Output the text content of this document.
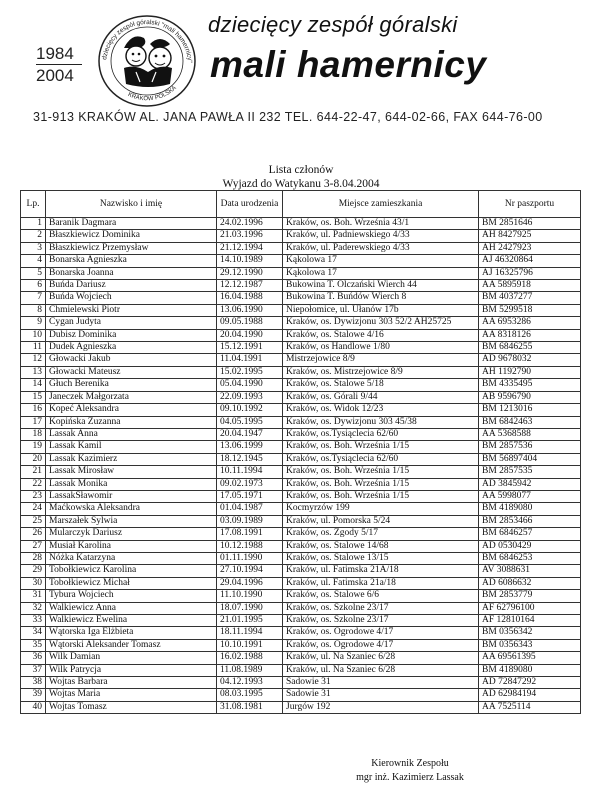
1984
2004
dziecięcy zespół góralski "mali hamernicy"
KRAKÓW POLSKA
dziecięcy zespół góralski
mali hamernicy
31-913 KRAKÓW AL. JANA PAWŁA II 232 TEL. 644-22-47, 644-02-66, FAX 644-76-00
Lista członów
Wyjazd do Watykanu 3-8.04.2004
Lp.	Nazwisko i imię	Data urodzenia	Miejsce zamieszkania	Nr paszportu
1	Baranik Dagmara	24.02.1996	Kraków, os. Boh. Września 43/1	BM 2851646
2	Błaszkiewicz Dominika	21.03.1996	Kraków, ul. Padniewskiego 4/33	AH 8427925
3	Błaszkiewicz Przemysław	21.12.1994	Kraków, ul. Paderewskiego 4/33	AH 2427923
4	Bonarska Agnieszka	14.10.1989	Kąkolowa 17	AJ 46320864
5	Bonarska Joanna	29.12.1990	Kąkolowa 17	AJ 16325796
6	Buńda Dariusz	12.12.1987	Bukowina T. Olczański Wierch 44	AA 5895918
7	Buńda Wojciech	16.04.1988	Bukowina T. Buńdów Wierch 8	BM 4037277
8	Chmielewski Piotr	13.06.1990	Niepołomice, ul. Ułanów 17b	BM 5299518
9	Cygan Judyta	09.05.1988	Kraków, os. Dywizjonu 303 52/2 AH25725	AA 6953286
10	Dubisz Dominika	20.04.1990	Kraków, os. Stalowe 4/16	AA 8318126
11	Dudek Agnieszka	15.12.1991	Kraków, os Handlowe 1/80	BM 6846255
12	Głowacki Jakub	11.04.1991	Mistrzejowice 8/9	AD 9678032
13	Głowacki Mateusz	15.02.1995	Kraków, os. Mistrzejowice 8/9	AH 1192790
14	Głuch Berenika	05.04.1990	Kraków, os. Stalowe 5/18	BM 4335495
15	Janeczek Małgorzata	22.09.1993	Kraków, os. Górali 9/44	AB 9596790
16	Kopeć Aleksandra	09.10.1992	Kraków, os. Widok 12/23	BM 1213016
17	Kopińska Zuzanna	04.05.1995	Kraków, os. Dywizjonu 303 45/38	BM 6842463
18	Lassak Anna	20.04.1947	Kraków, os.Tysiąclecia 62/60	AA 5368588
19	Lassak Kamil	13.06.1999	Kraków, os. Boh. Września 1/15	BM 2857536
20	Lassak Kazimierz	18.12.1945	Kraków, os.Tysiąclecia 62/60	BM 56897404
21	Lassak Mirosław	10.11.1994	Kraków, os. Boh. Września 1/15	BM 2857535
22	Lassak Monika	09.02.1973	Kraków, os. Boh. Września 1/15	AD 3845942
23	LassakSławomir	17.05.1971	Kraków, os. Boh. Września 1/15	AA 5998077
24	Maćkowska Aleksandra	01.04.1987	Kocmyrzów 199	BM 4189080
25	Marszałek Sylwia	03.09.1989	Kraków, ul. Pomorska 5/24	BM 2853466
26	Mularczyk Dariusz	17.08.1991	Kraków, os. Zgody 5/17	BM 6846257
27	Musiał Karolina	10.12.1988	Kraków, os. Stalowe 14/68	AD 0530429
28	Nóżka Katarzyna	01.11.1990	Kraków, os. Stalowe 13/15	BM 6846253
29	Tobołkiewicz Karolina	27.10.1994	Kraków, ul. Fatimska 21A/18	AV 3088631
30	Tobołkiewicz Michał	29.04.1996	Kraków, ul. Fatimska 21a/18	AD 6086632
31	Tybura Wojciech	11.10.1990	Kraków, os. Stalowe 6/6	BM 2853779
32	Walkiewicz Anna	18.07.1990	Kraków, os. Szkolne 23/17	AF 62796100
33	Walkiewicz Ewelina	21.01.1995	Kraków, os. Szkolne 23/17	AF 12810164
34	Wątorska Iga Elżbieta	18.11.1994	Kraków, os. Ogrodowe 4/17	BM 0356342
35	Wątorski Aleksander Tomasz	10.10.1991	Kraków, os. Ogrodowe 4/17	BM 0356343
36	Wilk Damian	16.02.1988	Kraków, ul. Na Szaniec 6/28	AA 69561395
37	Wilk Patrycja	11.08.1989	Kraków, ul. Na Szaniec 6/28	BM 4189080
38	Wojtas Barbara	04.12.1993	Sadowie 31	AD 72847292
39	Wojtas Maria	08.03.1995	Sadowie 31	AD 62984194
40	Wojtas Tomasz	31.08.1981	Jurgów 192	AA 7525114
Kierownik Zespołu
mgr inż. Kazimierz Lassak
